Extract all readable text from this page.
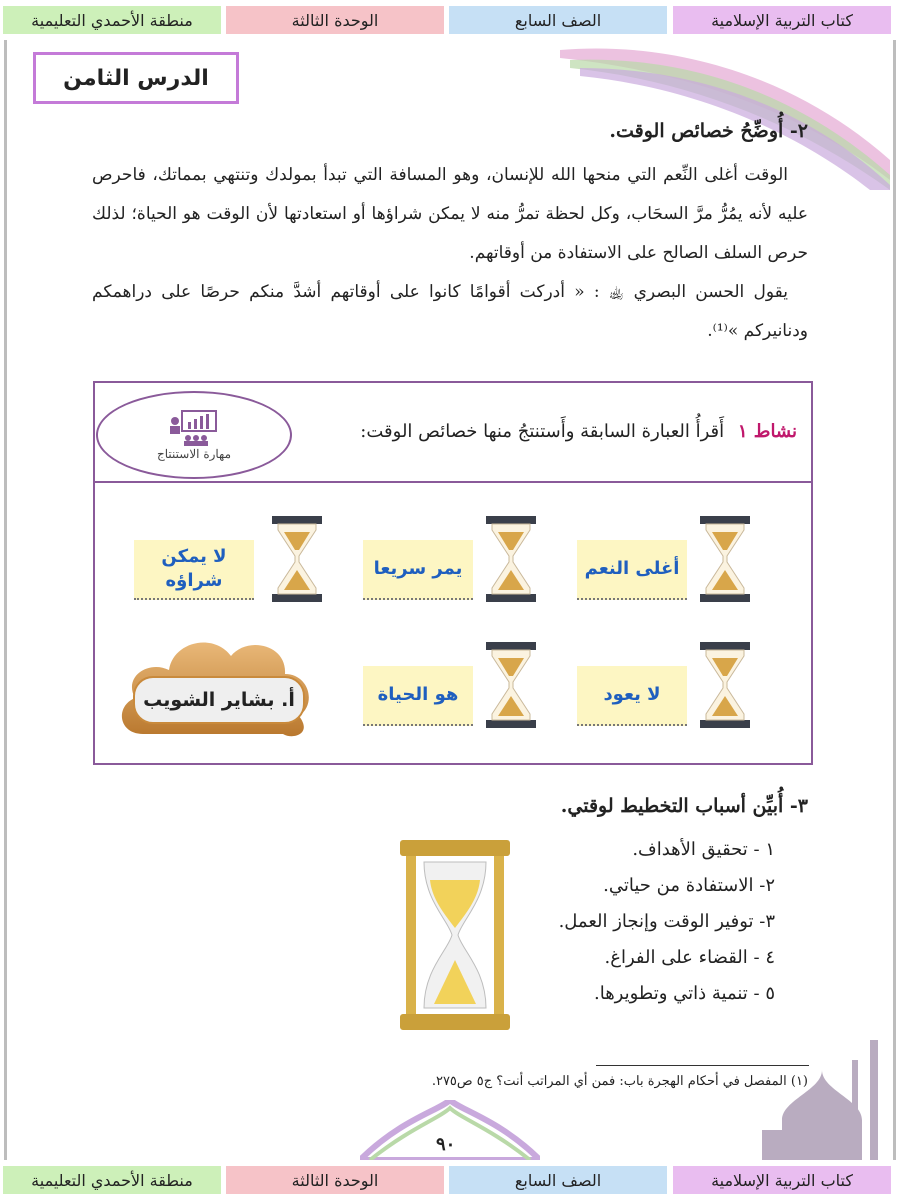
كتاب التربية الإسلامية
الصف السابع
الوحدة الثالثة
منطقة الأحمدي التعليمية
الدرس الثامن
٢- أُوضِّحُ خصائص الوقت.

الوقت أغلى النِّعم التي منحها الله للإنسان، وهو المسافة التي تبدأ بمولدك وتنتهي بمماتك، فاحرص عليه لأنه يمُرُّ مرَّ السحَاب، وكل لحظة تمرُّ منه لا يمكن شراؤها أو استعادتها لأن الوقت هو الحياة؛ لذلك حرص السلف الصالح على الاستفادة من أوقاتهم.

يقول الحسن البصري ﵀ : « أدركت أقوامًا كانوا على أوقاتهم أشدَّ منكم حرصًا على دراهمكم ودنانيركم »⁽¹⁾.

نشاط ١ أَقرأُ العبارة السابقة وأَستنتجُ منها خصائص الوقت:
مهارة الاستنتاج
أغلى النعم
يمر سريعا
لا يمكن شراؤه
لا يعود
هو الحياة
أ. بشاير الشويب
٣- أُبيِّن أسباب التخطيط لوقتي.
١ - تحقيق الأهداف.
٢- الاستفادة من حياتي.
٣- توفير الوقت وإنجاز العمل.
٤ - القضاء على الفراغ.
٥ - تنمية ذاتي وتطويرها.
(١) المفصل في أحكام الهجرة باب: فمن أي المراتب أنت؟ ج٥ ص٢٧٥.
٩٠
كتاب التربية الإسلامية
الصف السابع
الوحدة الثالثة
منطقة الأحمدي التعليمية
